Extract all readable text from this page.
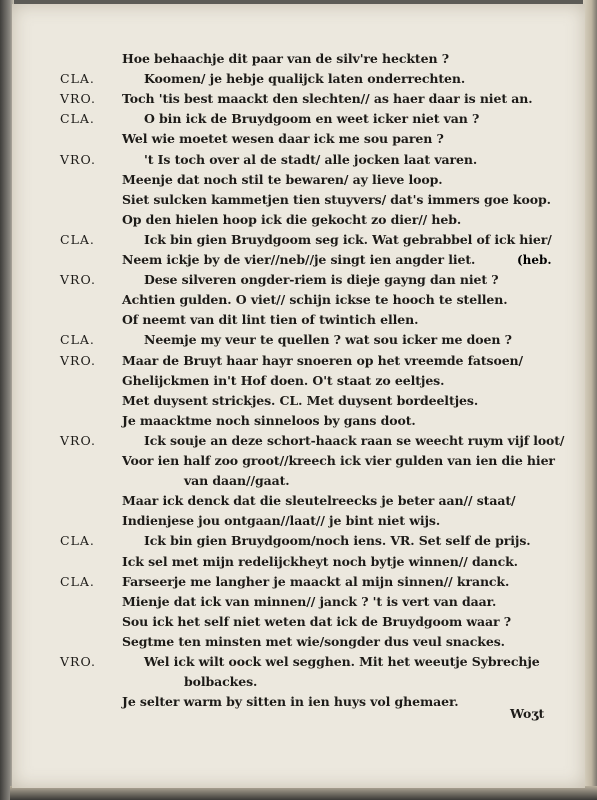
Hoe behaachje dit paar van de silv're heckten ?
CLA.	Koomen/ je hebje qualijck laten onderrechten.
VRO.	Toch 'tis best maackt den slechten// as haer daar is niet an.
CLA.	O bin ick de Bruydgoom en weet icker niet van ?
Wel wie moetet wesen daar ick me sou paren ?
VRO.	't Is toch over al de stadt/ alle jocken laat varen.
Meenje dat noch stil te bewaren/ ay lieve loop.
Siet sulcken kammetjen tien stuyvers/ dat's immers goe koop.
Op den hielen hoop ick die gekocht zo dier// heb.
CLA.	Ick bin gien Bruydgoom seg ick. Wat gebrabbel of ick hier/
Neem ickje by de vier//neb//je singt ien angder liet.
VRO.	Dese silveren ongder-riem is dieje gayng dan niet ?
Achtien gulden. O viet// schijn ickse te hooch te stellen.
Of neemt van dit lint tien of twintich ellen.
CLA.	Neemje my veur te quellen ? wat sou icker me doen ?
VRO.	Maar de Bruyt haar hayr snoeren op het vreemde fatsoen/
Ghelijckmen in't Hof doen. O't staat zo eeltjes.
Met duysent strickjes. CL. Met duysent bordeeltjes.
Je maacktme noch sinneloos by gans doot.
VRO.	Ick souje an deze schort-haack raan se weecht ruym vijf loot/
Voor ien half zoo groot//kreech ick vier gulden van ien die hier
van daan//gaat.
Maar ick denck dat die sleutelreecks je beter aan// staat/
Indienjese jou ontgaan//laat// je bint niet wijs.
CLA.	Ick bin gien Bruydgoom/noch iens. VR. Set self de prijs.
Ick sel met mijn redelijckheyt noch bytje winnen// danck.
CLA.	Farseerje me langher je maackt al mijn sinnen// kranck.
Mienje dat ick van minnen// janck ? 't is vert van daar.
Sou ick het self niet weten dat ick de Bruydgoom waar ?
Segtme ten minsten met wie/songder dus veul snackes.
VRO.	Wel ick wilt oock wel segghen. Mit het weeutje Sybrechje
bolbackes.
Je selter warm by sitten in ien huys vol ghemaer.
(heb.
Woʒt
